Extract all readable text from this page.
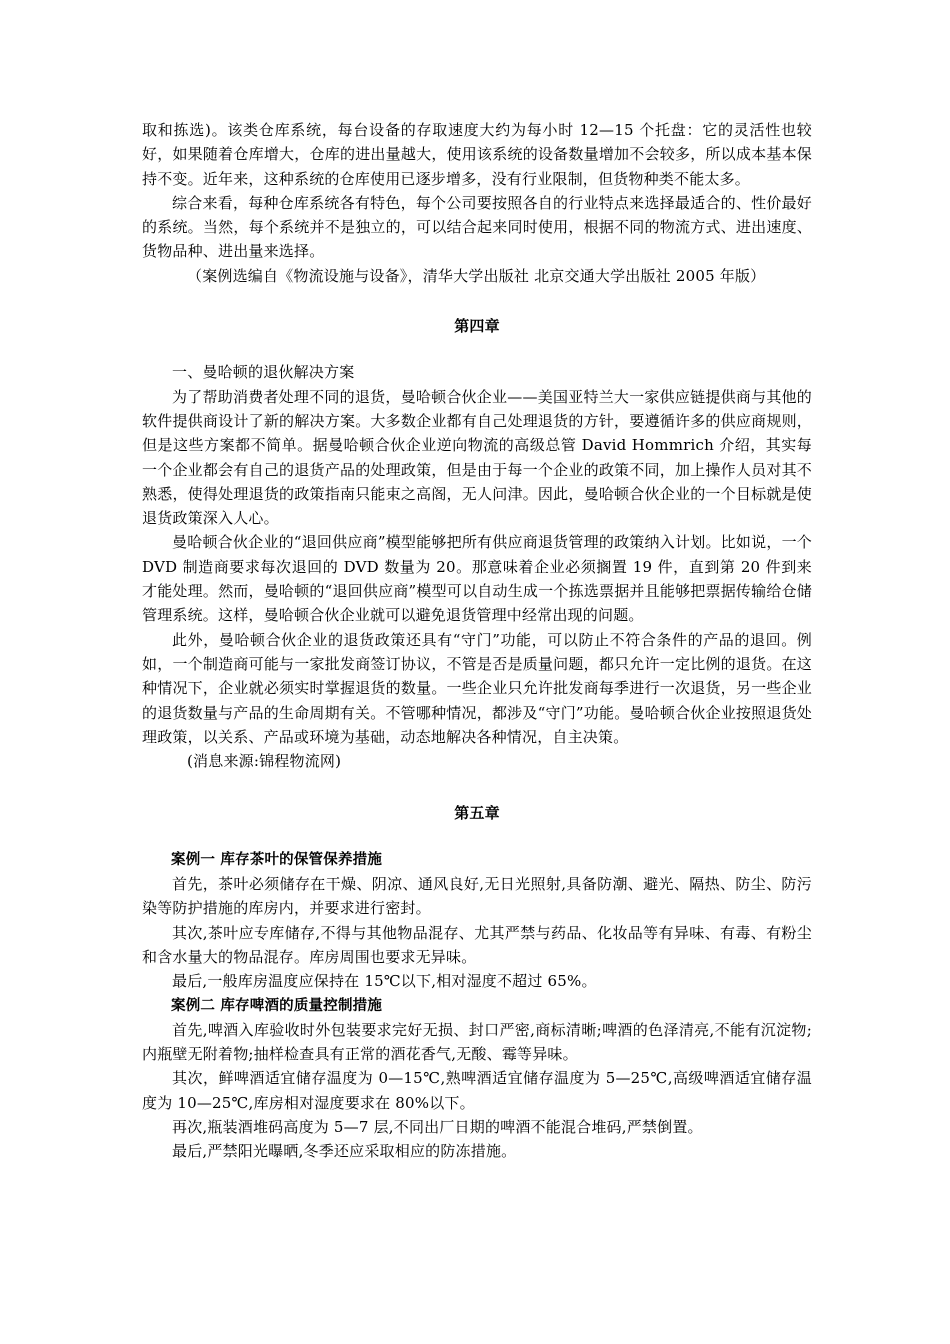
取和拣选)。该类仓库系统，每台设备的存取速度大约为每小时 12—15 个托盘：它的灵活性也较好，如果随着仓库增大，仓库的进出量越大，使用该系统的设备数量增加不会较多，所以成本基本保持不变。近年来，这种系统的仓库使用已逐步增多，没有行业限制，但货物种类不能太多。

综合来看，每种仓库系统各有特色，每个公司要按照各自的行业特点来选择最适合的、性价最好的系统。当然，每个系统并不是独立的，可以结合起来同时使用，根据不同的物流方式、进出速度、货物品种、进出量来选择。

（案例选编自《物流设施与设备》，清华大学出版社 北京交通大学出版社 2005 年版）

第四章

一、曼哈顿的退伙解决方案

为了帮助消费者处理不同的退货，曼哈顿合伙企业——美国亚特兰大一家供应链提供商与其他的软件提供商设计了新的解决方案。大多数企业都有自己处理退货的方针，要遵循许多的供应商规则，但是这些方案都不简单。据曼哈顿合伙企业逆向物流的高级总管 David Hommrich 介绍，其实每一个企业都会有自己的退货产品的处理政策，但是由于每一个企业的政策不同，加上操作人员对其不熟悉，使得处理退货的政策指南只能束之高阁，无人问津。因此，曼哈顿合伙企业的一个目标就是使退货政策深入人心。

曼哈顿合伙企业的“退回供应商”模型能够把所有供应商退货管理的政策纳入计划。比如说，一个 DVD 制造商要求每次退回的 DVD 数量为 20。那意味着企业必须搁置 19 件，直到第 20 件到来才能处理。然而，曼哈顿的“退回供应商”模型可以自动生成一个拣选票据并且能够把票据传输给仓储管理系统。这样，曼哈顿合伙企业就可以避免退货管理中经常出现的问题。

此外，曼哈顿合伙企业的退货政策还具有“守门”功能，可以防止不符合条件的产品的退回。例如，一个制造商可能与一家批发商签订协议，不管是否是质量问题，都只允许一定比例的退货。在这种情况下，企业就必须实时掌握退货的数量。一些企业只允许批发商每季进行一次退货，另一些企业的退货数量与产品的生命周期有关。不管哪种情况，都涉及“守门”功能。曼哈顿合伙企业按照退货处理政策，以关系、产品或环境为基础，动态地解决各种情况，自主决策。

(消息来源:锦程物流网)

第五章

案例一 库存茶叶的保管保养措施

首先，茶叶必须储存在干燥、阴凉、通风良好,无日光照射,具备防潮、避光、隔热、防尘、防污染等防护措施的库房内，并要求进行密封。

其次,茶叶应专库储存,不得与其他物品混存、尤其严禁与药品、化妆品等有异味、有毒、有粉尘和含水量大的物品混存。库房周围也要求无异味。

最后,一般库房温度应保持在 15℃以下,相对湿度不超过 65%。

案例二 库存啤酒的质量控制措施

首先,啤酒入库验收时外包装要求完好无损、封口严密,商标清晰;啤酒的色泽清亮,不能有沉淀物;内瓶壁无附着物;抽样检查具有正常的酒花香气,无酸、霉等异味。

其次，鲜啤酒适宜储存温度为 0—15℃,熟啤酒适宜储存温度为 5—25℃,高级啤酒适宜储存温度为 10—25℃,库房相对湿度要求在 80%以下。

再次,瓶装酒堆码高度为 5—7 层,不同出厂日期的啤酒不能混合堆码,严禁倒置。

最后,严禁阳光曝晒,冬季还应采取相应的防冻措施。
